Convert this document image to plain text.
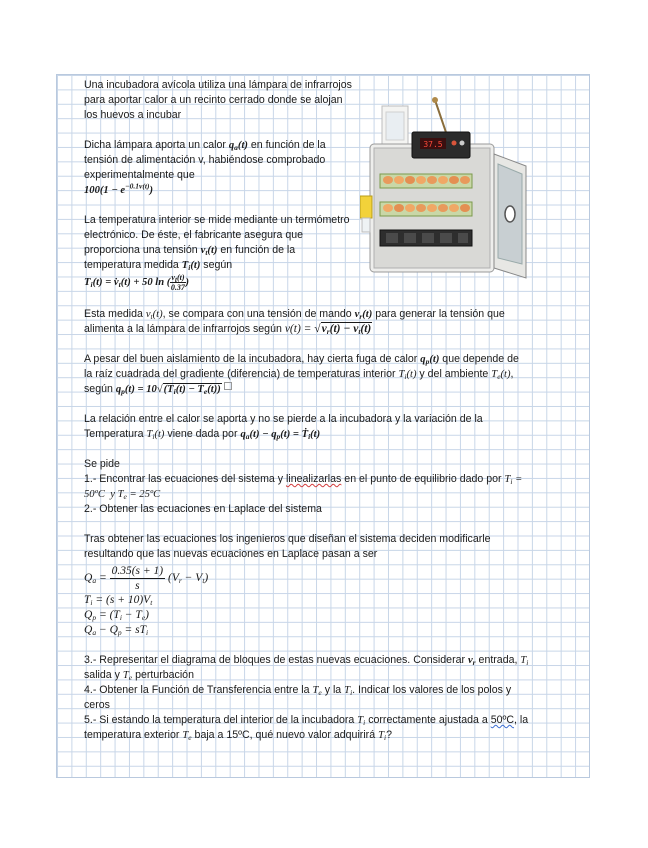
37.5

Una incubadora avícola utiliza una lámpara de infrarrojos para aportar calor a un recinto cerrado donde se alojan los huevos a incubar

Dicha lámpara aporta un calor $q_a(t)$ en función de la tensión de alimentación v, habiéndose comprobado experimentalmente que
$100(1 - e^{-0.1v(t)})$

La temperatura interior se mide mediante un termómetro electrónico. De éste, el fabricante asegura que proporciona una tensión $v_t(t)$ en función de la temperatura medida $T_i(t)$ según
$T_i(t)$ = $v̇_t(t) + 50$ ln ( $\frac{v_t(t)}{0.37}$ )

Esta medida $v_t(t)$, se compara con una tensión de mando $v_r(t)$ para generar la tensión que alimenta a la lámpara de infrarrojos según $v(t) = √v_r(t) - v_t(t)$

A pesar del buen aislamiento de la incubadora, hay cierta fuga de calor $q_p(t)$ que depende de la raíz cuadrada del gradiente (diferencia) de temperaturas interior $T_i(t)$ y del ambiente $T_e(t)$, según $q_p(t) = 10√(T_i(t) - T_e(t))$

La relación entre el calor se aporta y no se pierde a la incubadora y la variación de la Temperatura $T_i(t)$ viene dada por $q_a(t) - q_p(t)$ = Ṫ$_i$(t)

Se pide

1.- Encontrar las ecuaciones del sistema y linealizarlas en el punto de equilibrio dado por $T_i$ = 50ºC  y $T_e$ = 25ºC

2.- Obtener las ecuaciones en Laplace del sistema

Tras obtener las ecuaciones los ingenieros que diseñan el sistema deciden modificarle resultando que las nuevas ecuaciones en Laplace pasan a ser

$Q_a = \frac{0.35(s + 1)}{s} (V_r - V_t)$
$T_i = (s + 10)V_t$
$Q_p = (T_i - T_e)$
$Q_a - Q_p = sT_i$

3.- Representar el diagrama de bloques de estas nuevas ecuaciones. Considerar $v_r$ entrada, $T_i$ salida y $T_e$ perturbación

4.- Obtener la Función de Transferencia entre la $T_e$ y la $T_i$. Indicar los valores de los polos y ceros

5.- Si estando la temperatura del interior de la incubadora $T_i$ correctamente ajustada a 50ºC, la temperatura exterior $T_e$ baja a 15ºC, qué nuevo valor adquirirá $T_i$?
